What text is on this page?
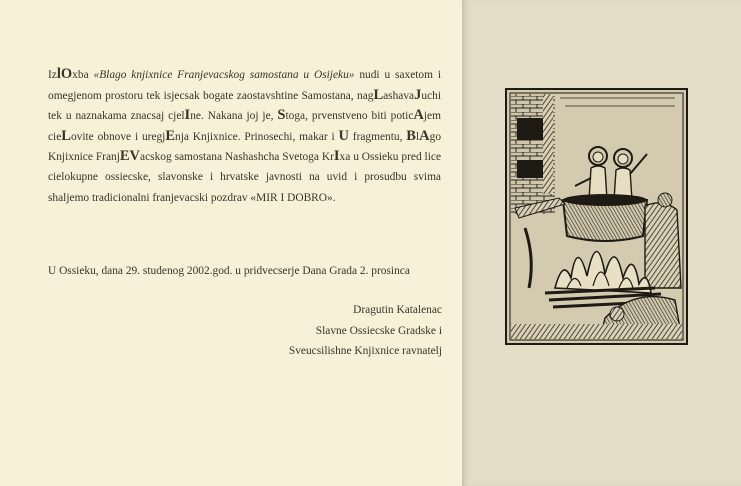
IzlOxba «Blago knjixnice Franjevacskog samostana u Osijeku» nudi u saxetom i omegjenom prostoru tek isjecsak bogate zaostavshtine Samostana, nagLashavaJuchi tek u naznakama znacsaj cjelIne. Nakana joj je, Stoga, prvenstveno biti poticAjem cieLovite obnove i uregjEnja Knjixnice. Prinosechi, makar i U fragmentu, BlAgo Knjixnice FranjEVacskog samostana Nashashcha Svetoga KrIxa u Ossieku pred lice cielokupne ossiecske, slavonske i hrvatske javnosti na uvid i prosudbu svima shaljemo tradicionalni franjevacski pozdrav «MIR I DOBRO».

U Ossieku, dana 29. studenog 2002.god. u pridvecserje Dana Grada 2. prosinca
Dragutin Katalenac
Slavne Ossiecske Gradske i
Sveucsilishne Knjixnice ravnatelj
